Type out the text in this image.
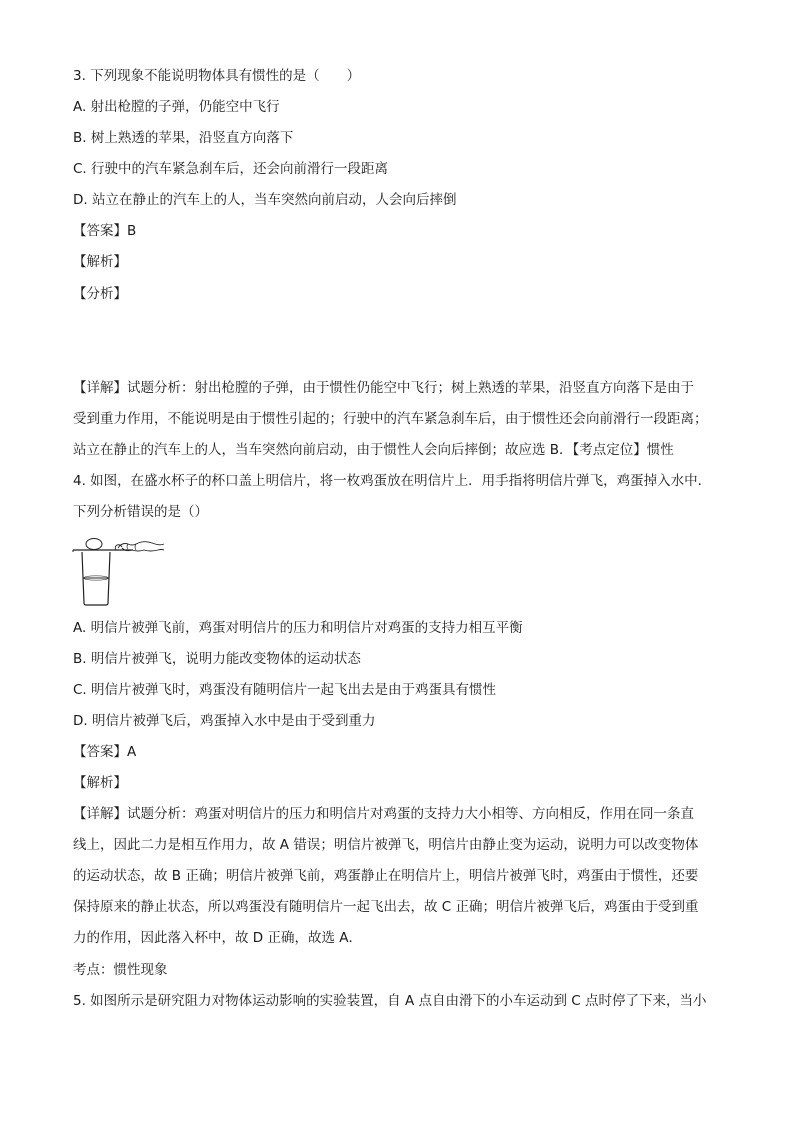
3. 下列现象不能说明物体具有惯性的是（　　）
A. 射出枪膛的子弹，仍能空中飞行
B. 树上熟透的苹果，沿竖直方向落下
C. 行驶中的汽车紧急刹车后，还会向前滑行一段距离
D. 站立在静止的汽车上的人，当车突然向前启动，人会向后摔倒
【答案】B
【解析】
【分析】
【详解】试题分析：射出枪膛的子弹，由于惯性仍能空中飞行；树上熟透的苹果，沿竖直方向落下是由于
受到重力作用，不能说明是由于惯性引起的；行驶中的汽车紧急刹车后，由于惯性还会向前滑行一段距离；
站立在静止的汽车上的人，当车突然向前启动，由于惯性人会向后摔倒；故应选 B．【考点定位】惯性
4. 如图，在盛水杯子的杯口盖上明信片，将一枚鸡蛋放在明信片上．用手指将明信片弹飞，鸡蛋掉入水中．
下列分析错误的是（）
A. 明信片被弹飞前，鸡蛋对明信片的压力和明信片对鸡蛋的支持力相互平衡
B. 明信片被弹飞，说明力能改变物体的运动状态
C. 明信片被弹飞时，鸡蛋没有随明信片一起飞出去是由于鸡蛋具有惯性
D. 明信片被弹飞后，鸡蛋掉入水中是由于受到重力
【答案】A
【解析】
【详解】试题分析：鸡蛋对明信片的压力和明信片对鸡蛋的支持力大小相等、方向相反，作用在同一条直
线上，因此二力是相互作用力，故 A 错误；明信片被弹飞，明信片由静止变为运动，说明力可以改变物体
的运动状态，故 B 正确；明信片被弹飞前，鸡蛋静止在明信片上，明信片被弹飞时，鸡蛋由于惯性，还要
保持原来的静止状态，所以鸡蛋没有随明信片一起飞出去，故 C 正确；明信片被弹飞后，鸡蛋由于受到重
力的作用，因此落入杯中，故 D 正确，故选 A．
考点：惯性现象
5. 如图所示是研究阻力对物体运动影响的实验装置，自 A 点自由滑下的小车运动到 C 点时停了下来，当小
